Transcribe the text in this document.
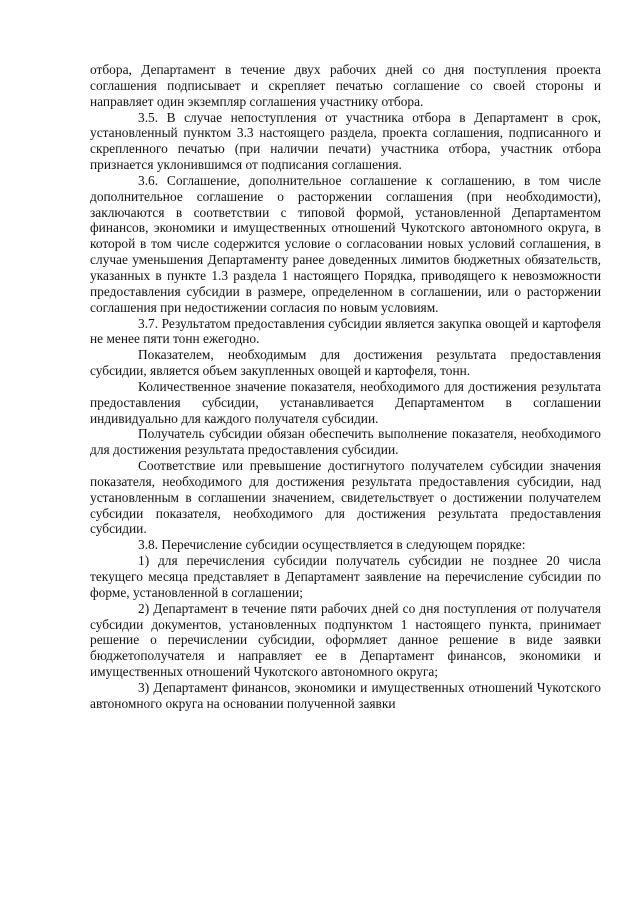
отбора, Департамент в течение двух рабочих дней со дня поступления проекта соглашения подписывает и скрепляет печатью соглашение со своей стороны и направляет один экземпляр соглашения участнику отбора.

3.5. В случае непоступления от участника отбора в Департамент в срок, установленный пунктом 3.3 настоящего раздела, проекта соглашения, подписанного и скрепленного печатью (при наличии печати) участника отбора, участник отбора признается уклонившимся от подписания соглашения.

3.6. Соглашение, дополнительное соглашение к соглашению, в том числе дополнительное соглашение о расторжении соглашения (при необходимости), заключаются в соответствии с типовой формой, установленной Департаментом финансов, экономики и имущественных отношений Чукотского автономного округа, в которой в том числе содержится условие о согласовании новых условий соглашения, в случае уменьшения Департаменту ранее доведенных лимитов бюджетных обязательств, указанных в пункте 1.3 раздела 1 настоящего Порядка, приводящего к невозможности предоставления субсидии в размере, определенном в соглашении, или о расторжении соглашения при недостижении согласия по новым условиям.

3.7. Результатом предоставления субсидии является закупка овощей и картофеля не менее пяти тонн ежегодно.

Показателем, необходимым для достижения результата предоставления субсидии, является объем закупленных овощей и картофеля, тонн.

Количественное значение показателя, необходимого для достижения результата предоставления субсидии, устанавливается Департаментом в соглашении индивидуально для каждого получателя субсидии.

Получатель субсидии обязан обеспечить выполнение показателя, необходимого для достижения результата предоставления субсидии.

Соответствие или превышение достигнутого получателем субсидии значения показателя, необходимого для достижения результата предоставления субсидии, над установленным в соглашении значением, свидетельствует о достижении получателем субсидии показателя, необходимого для достижения результата предоставления субсидии.

3.8. Перечисление субсидии осуществляется в следующем порядке:

1) для перечисления субсидии получатель субсидии не позднее 20 числа текущего месяца представляет в Департамент заявление на перечисление субсидии по форме, установленной в соглашении;

2) Департамент в течение пяти рабочих дней со дня поступления от получателя субсидии документов, установленных подпунктом 1 настоящего пункта, принимает решение о перечислении субсидии, оформляет данное решение в виде заявки бюджетополучателя и направляет ее в Департамент финансов, экономики и имущественных отношений Чукотского автономного округа;

3) Департамент финансов, экономики и имущественных отношений Чукотского автономного округа на основании полученной заявки
